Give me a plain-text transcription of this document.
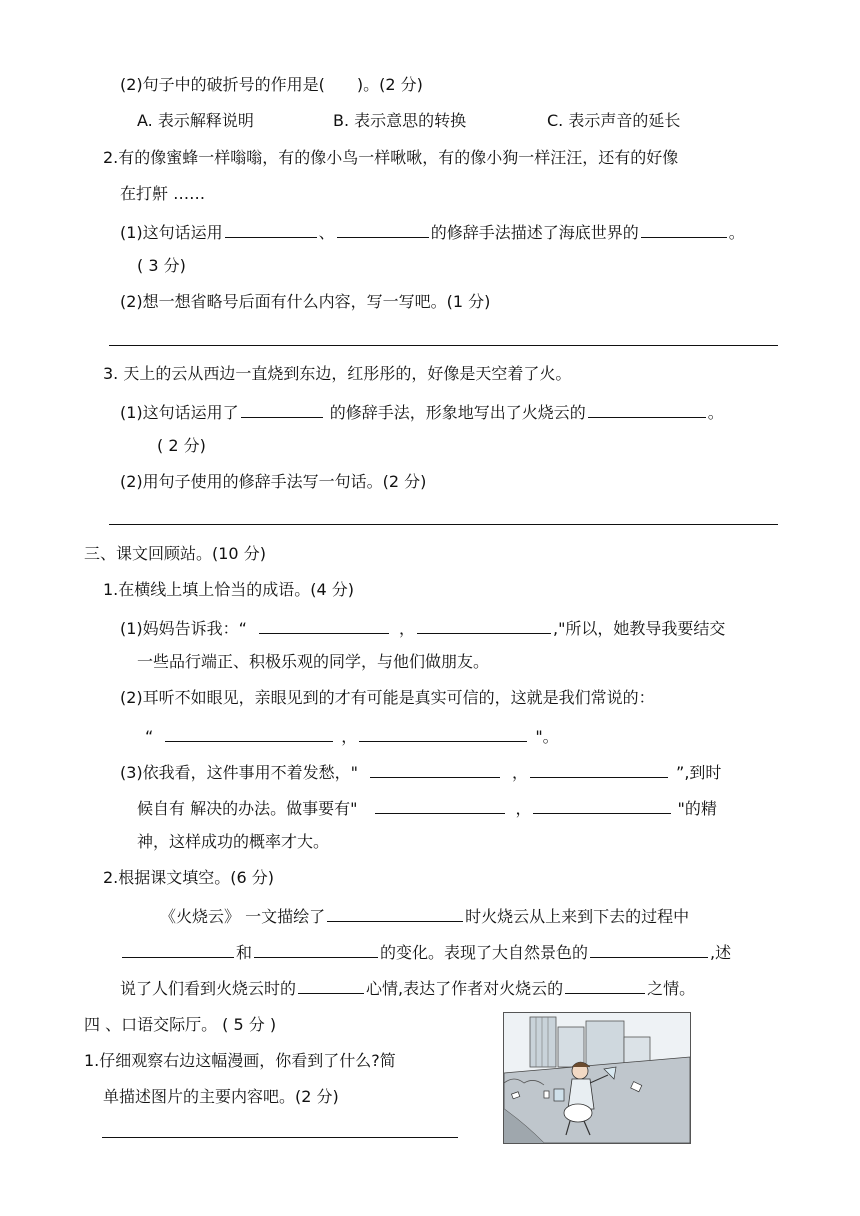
(2)句子中的破折号的作用是(　　)。(2 分)
A. 表示解释说明	B. 表示意思的转换	C. 表示声音的延长
2.有的像蜜蜂一样嗡嗡，有的像小鸟一样啾啾，有的像小狗一样汪汪，还有的好像
在打鼾 ……
(1)这句话运用	、	的修辞手法描述了海底世界的	。
( 3 分)
(2)想一想省略号后面有什么内容，写一写吧。(1 分)
3. 天上的云从西边一直烧到东边，红彤彤的，好像是天空着了火。
(1)这句话运用了	的修辞手法，形象地写出了火烧云的	。
( 2 分)
(2)用句子使用的修辞手法写一句话。(2 分)
三、课文回顾站。(10 分)
1.在横线上填上恰当的成语。(4 分)
(1)妈妈告诉我：“	，	,"所以，她教导我要结交
一些品行端正、积极乐观的同学，与他们做朋友。
(2)耳听不如眼见，亲眼见到的才有可能是真实可信的，这就是我们常说的：
“	，	"。
(3)依我看，这件事用不着发愁，"	，	”,到时
候自有 解决的办法。做事要有"	，	"的精
神，这样成功的概率才大。
2.根据课文填空。(6 分)
《火烧云》 一文描绘了	时火烧云从上来到下去的过程中
和	的变化。表现了大自然景色的	,述
说了人们看到火烧云时的	心情,表达了作者对火烧云的	之情。
四 、口语交际厅。 ( 5 分 )
1.仔细观察右边这幅漫画，你看到了什么?简
单描述图片的主要内容吧。(2 分)
